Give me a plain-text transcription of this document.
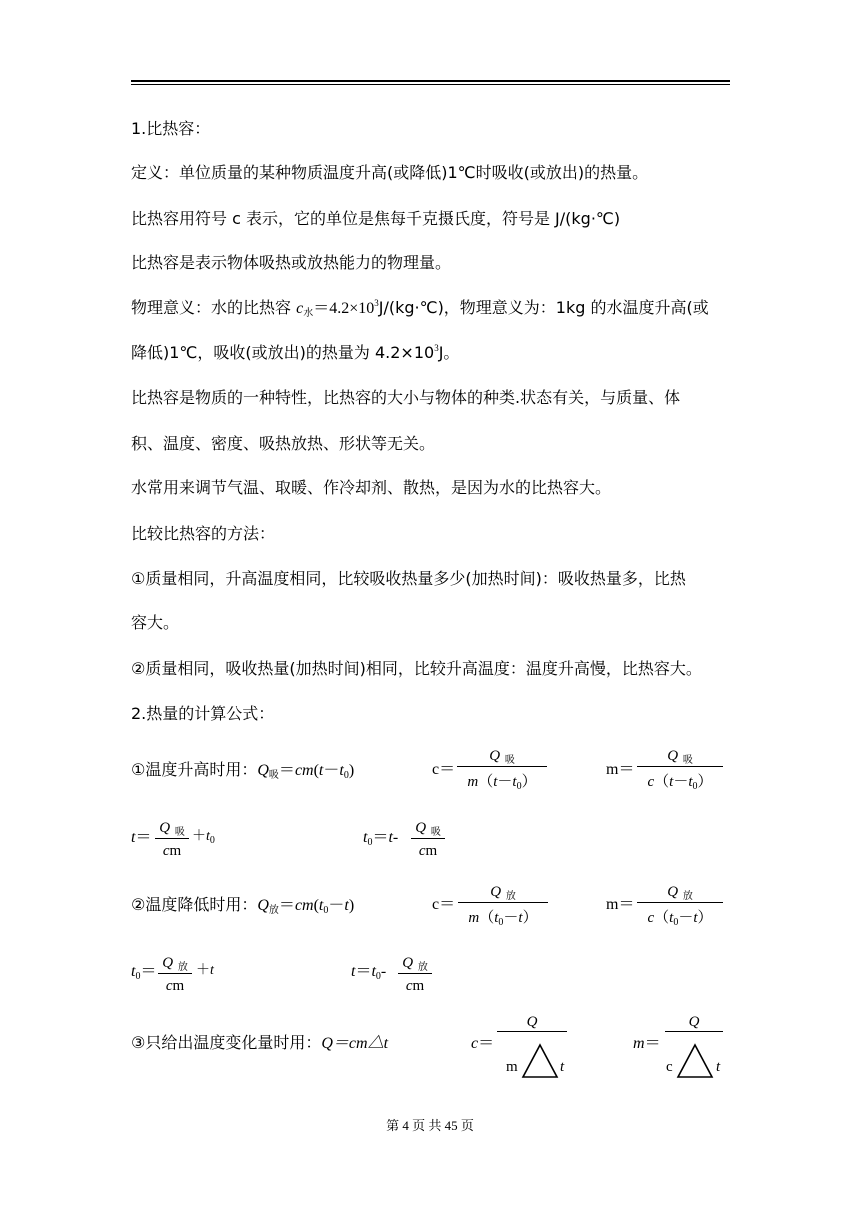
1.比热容：
定义：单位质量的某种物质温度升高(或降低)1℃时吸收(或放出)的热量。
比热容用符号 c 表示，它的单位是焦每千克摄氏度，符号是 J/(kg·℃)
比热容是表示物体吸热或放热能力的物理量。
物理意义：水的比热容 c水$=4.2\times 10^3J/(kg\cdot℃)$，物理意义为：1kg 的水温度升高(或
降低)1℃，吸收(或放出)的热量为 $4.2\times 10^3J$。
比热容是物质的一种特性，比热容的大小与物体的种类.状态有关，与质量、体
积、温度、密度、吸热放热、形状等无关。
水常用来调节气温、取暖、作冷却剂、散热，是因为水的比热容大。
比较比热容的方法：
①质量相同，升高温度相同，比较吸收热量多少(加热时间)：吸收热量多，比热
容大。
②质量相同，吸收热量(加热时间)相同，比较升高温度：温度升高慢，比热容大。
2.热量的计算公式：
①温度升高时用：Q吸＝cm(t－t0)	c＝
Q $_吸$
$m(t-t_0)$
m＝
Q $_吸$
$c(t-t_0)$
t＝
Q $_吸$
cm
$+t_0$	t0＝t-
Q $_吸$
cm
②温度降低时用：Q放＝cm(t0－t)	c＝
Q $_放$
$m(t_0-t)$
m＝
Q $_放$
$c(t_0-t)$
t0＝ Q $_放$
cm
＋t	t＝t0- Q $_放$
cm
③只给出温度变化量时用：Q＝cm△t	c＝
Q
m	t
m＝
Q
c	t
第 4 页 共 45 页
